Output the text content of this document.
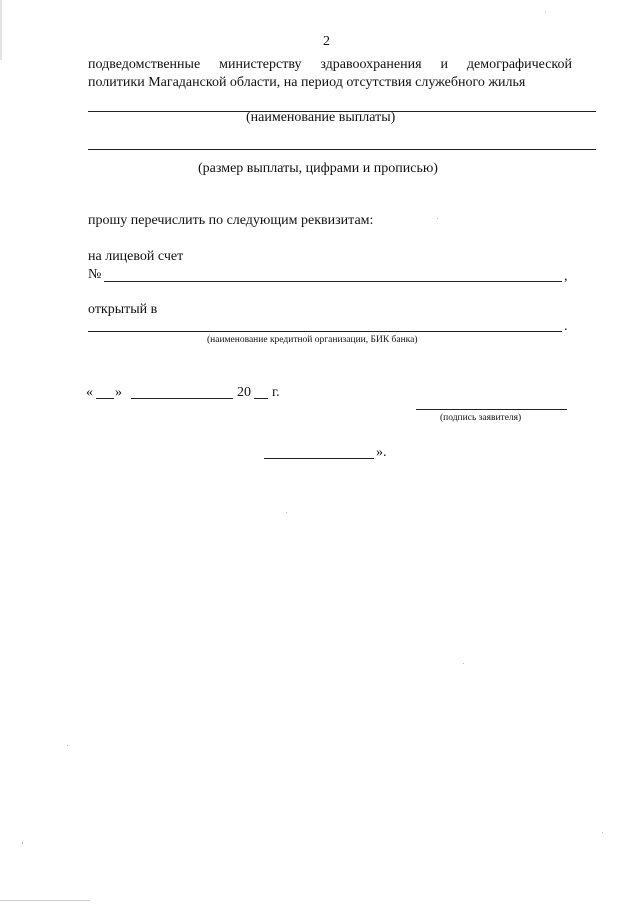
2
подведомственные министерству здравоохранения и демографической
политики Магаданской области, на период отсутствия служебного жилья
(наименование выплаты)
(размер выплаты, цифрами и прописью)
прошу перечислить по следующим реквизитам:
на лицевой счет
№	,
открытый в
.
(наименование кредитной организации, БИК банка)
« »	20 г.
(подпись заявителя)
».
